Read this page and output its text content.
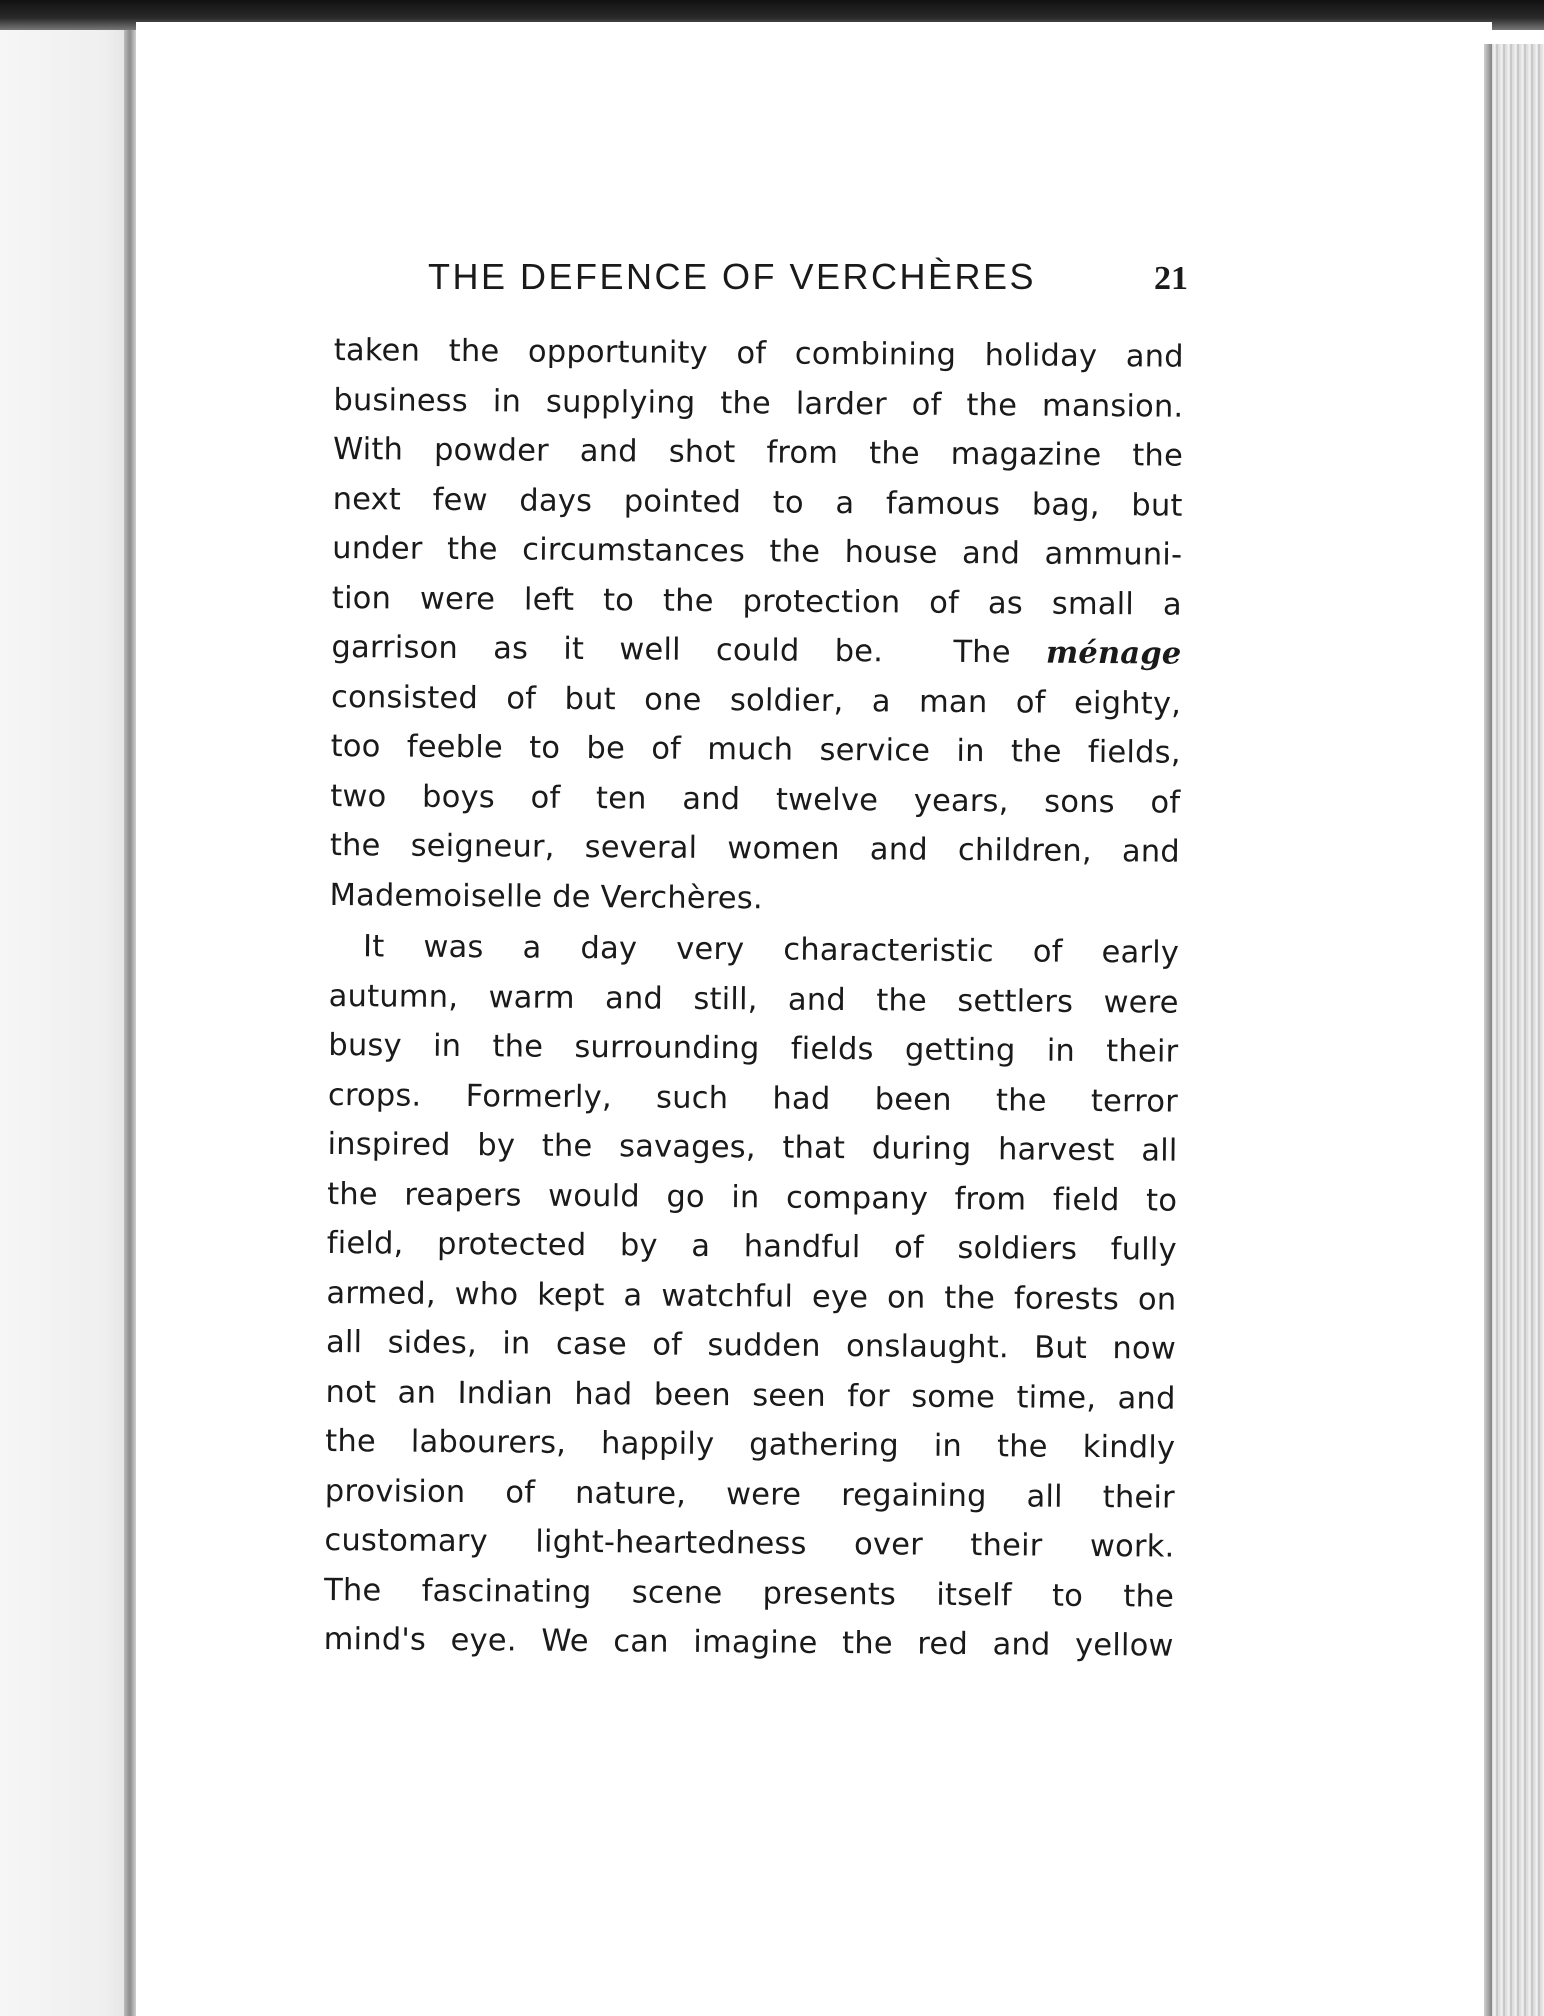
THE DEFENCE OF VERCHÈRES	21
taken the opportunity of combining holiday and
business in supplying the larder of the mansion.
With powder and shot from the magazine the
next few days pointed to a famous bag, but
under the circumstances the house and ammuni-
tion were left to the protection of as small a
garrison as it well could be.  The ménage
consisted of but one soldier, a man of eighty,
too feeble to be of much service in the fields,
two boys of ten and twelve years, sons of
the seigneur, several women and children, and
Mademoiselle de Verchères.
It was a day very characteristic of early
autumn, warm and still, and the settlers were
busy in the surrounding fields getting in their
crops. Formerly, such had been the terror
inspired by the savages, that during harvest all
the reapers would go in company from field to
field, protected by a handful of soldiers fully
armed, who kept a watchful eye on the forests on
all sides, in case of sudden onslaught. But now
not an Indian had been seen for some time, and
the labourers, happily gathering in the kindly
provision of nature, were regaining all their
customary light-heartedness over their work.
The fascinating scene presents itself to the
mind's eye. We can imagine the red and yellow
